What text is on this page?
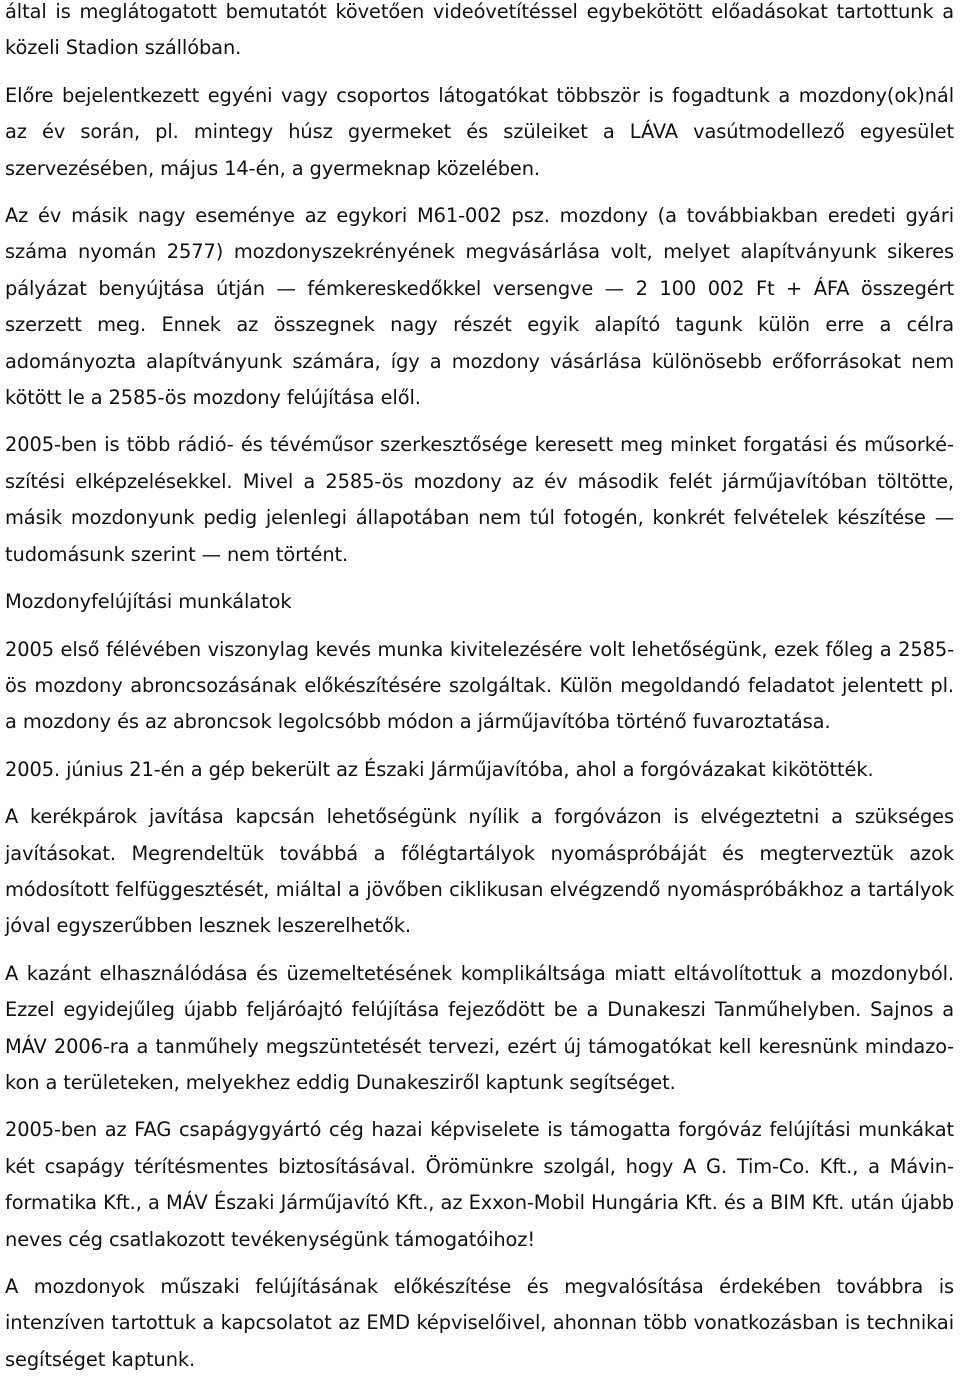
által is meglátogatott bemutatót követően videóvetítéssel egybekötött előadásokat tartottunk a közeli Stadion szállóban.

Előre bejelentkezett egyéni vagy csoportos látogatókat többször is fogadtunk a mozdony(ok)nál az év során, pl. mintegy húsz gyermeket és szüleiket a LÁVA vasútmodellező egyesület szervezésében, május 14-én, a gyermeknap közelében.

Az év másik nagy eseménye az egykori M61-002 psz. mozdony (a továbbiakban eredeti gyári száma nyomán 2577) mozdonyszekrényének megvásárlása volt, melyet alapítványunk sikeres pályázat benyújtása útján — fémkereskedőkkel versengve — 2 100 002 Ft + ÁFA összegért szerzett meg. Ennek az összegnek nagy részét egyik alapító tagunk külön erre a célra adományozta alapítványunk számára, így a mozdony vásárlása különösebb erőforrásokat nem kötött le a 2585-ös mozdony felújítása elől.

2005-ben is több rádió- és tévéműsor szerkesztősége keresett meg minket forgatási és műsorkészítési elképzelésekkel. Mivel a 2585-ös mozdony az év második felét járműjavítóban töltötte, másik mozdonyunk pedig jelenlegi állapotában nem túl fotogén, konkrét felvételek készítése — tudomásunk szerint — nem történt.

Mozdonyfelújítási munkálatok

2005 első félévében viszonylag kevés munka kivitelezésére volt lehetőségünk, ezek főleg a 2585-ös mozdony abroncsozásának előkészítésére szolgáltak. Külön megoldandó feladatot jelentett pl. a mozdony és az abroncsok legolcsóbb módon a járműjavítóba történő fuvaroztatása.

2005. június 21-én a gép bekerült az Északi Járműjavítóba, ahol a forgóvázakat kikötötték.

A kerékpárok javítása kapcsán lehetőségünk nyílik a forgóvázon is elvégeztetni a szükséges javításokat. Megrendeltük továbbá a főlégtartályok nyomáspróbáját és megterveztük azok módosított felfüggesztését, miáltal a jövőben ciklikusan elvégzendő nyomáspróbákhoz a tartályok jóval egyszerűbben lesznek leszerelhetők.

A kazánt elhasználódása és üzemeltetésének komplikáltsága miatt eltávolítottuk a mozdonyból. Ezzel egyidejűleg újabb feljáróajtó felújítása fejeződött be a Dunakeszi Tanműhelyben. Sajnos a MÁV 2006-ra a tanműhely megszüntetését tervezi, ezért új támogatókat kell keresnünk mindazokon a területeken, melyekhez eddig Dunakesziről kaptunk segítséget.

2005-ben az FAG csapágygyártó cég hazai képviselete is támogatta forgóváz felújítási munkákat két csapágy térítésmentes biztosításával. Örömünkre szolgál, hogy A G. Tim-Co. Kft., a Mávinformatika Kft., a MÁV Északi Járműjavító Kft., az Exxon-Mobil Hungária Kft. és a BIM Kft. után újabb neves cég csatlakozott tevékenységünk támogatóihoz!

A mozdonyok műszaki felújításának előkészítése és megvalósítása érdekében továbbra is intenzíven tartottuk a kapcsolatot az EMD képviselőivel, ahonnan több vonatkozásban is technikai segítséget kaptunk.
